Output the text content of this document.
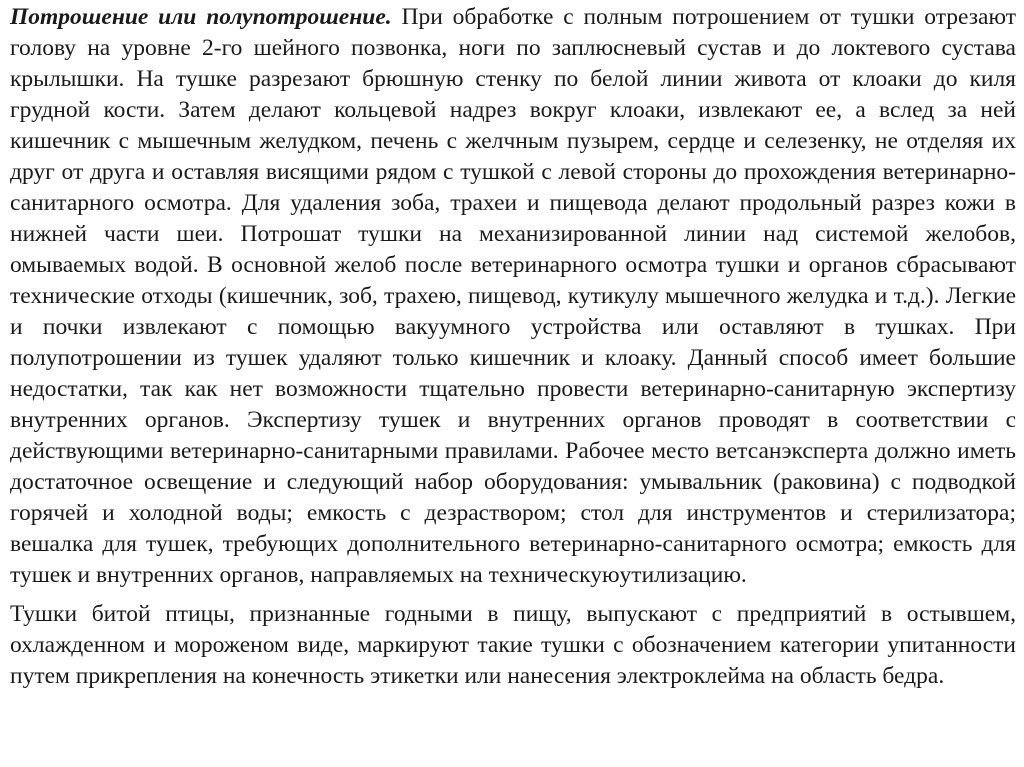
Потрошение или полупотрошение. При обработке с полным потрошением от тушки отрезают голову на уровне 2-го шейного позвонка, ноги по заплюсневый сустав и до локтевого сустава крылышки. На тушке разрезают брюшную стенку по белой линии живота от клоаки до киля грудной кости. Затем делают кольцевой надрез вокруг клоаки, извлекают ее, а вслед за ней кишечник с мышечным желудком, печень с желчным пузырем, сердце и селезенку, не отделяя их друг от друга и оставляя висящими рядом с тушкой с левой стороны до прохождения ветеринарно-санитарного осмотра. Для удаления зоба, трахеи и пищевода делают продольный разрез кожи в нижней части шеи. Потрошат тушки на механизированной линии над системой желобов, омываемых водой. В основной желоб после ветеринарного осмотра тушки и органов сбрасывают технические отходы (кишечник, зоб, трахею, пищевод, кутикулу мышечного желудка и т.д.). Легкие и почки извлекают с помощью вакуумного устройства или оставляют в тушках. При полупотрошении из тушек удаляют только кишечник и клоаку. Данный способ имеет большие недостатки, так как нет возможности тщательно провести ветеринарно-санитарную экспертизу внутренних органов. Экспертизу тушек и внутренних органов проводят в соответствии с действующими ветеринарно-санитарными правилами. Рабочее место ветсанэксперта должно иметь достаточное освещение и следующий набор оборудования: умывальник (раковина) с подводкой горячей и холодной воды; емкость с дезраствором; стол для инструментов и стерилизатора; вешалка для тушек, требующих дополнительного ветеринарно-санитарного осмотра; емкость для тушек и внутренних органов, направляемых на техническуюутилизацию.

Тушки битой птицы, признанные годными в пищу, выпускают с предприятий в остывшем, охлажденном и мороженом виде, маркируют такие тушки с обозначением категории упитанности путем прикрепления на конечность этикетки или нанесения электроклейма на область бедра.
